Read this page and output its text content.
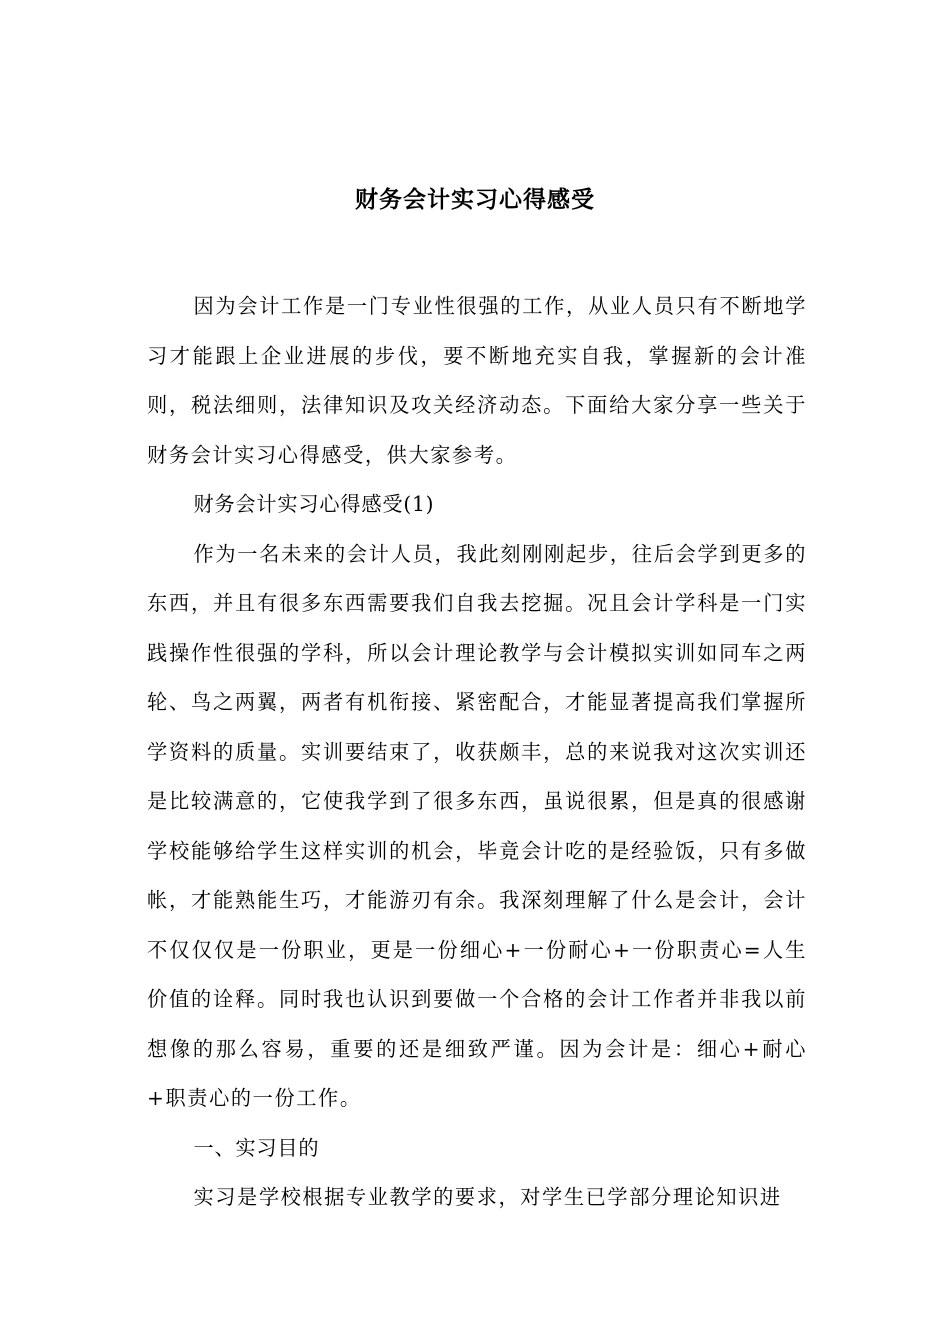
财务会计实习心得感受

因为会计工作是一门专业性很强的工作，从业人员只有不断地学习才能跟上企业进展的步伐，要不断地充实自我，掌握新的会计准则，税法细则，法律知识及攻关经济动态。下面给大家分享一些关于财务会计实习心得感受，供大家参考。

财务会计实习心得感受(1)

作为一名未来的会计人员，我此刻刚刚起步，往后会学到更多的东西，并且有很多东西需要我们自我去挖掘。况且会计学科是一门实践操作性很强的学科，所以会计理论教学与会计模拟实训如同车之两轮、鸟之两翼，两者有机衔接、紧密配合，才能显著提高我们掌握所学资料的质量。实训要结束了，收获颇丰，总的来说我对这次实训还是比较满意的，它使我学到了很多东西，虽说很累，但是真的很感谢学校能够给学生这样实训的机会，毕竟会计吃的是经验饭，只有多做帐，才能熟能生巧，才能游刃有余。我深刻理解了什么是会计，会计不仅仅仅是一份职业，更是一份细心+一份耐心+一份职责心=人生价值的诠释。同时我也认识到要做一个合格的会计工作者并非我以前想像的那么容易，重要的还是细致严谨。因为会计是：细心+耐心+职责心的一份工作。

一、实习目的

实习是学校根据专业教学的要求，对学生已学部分理论知识进
